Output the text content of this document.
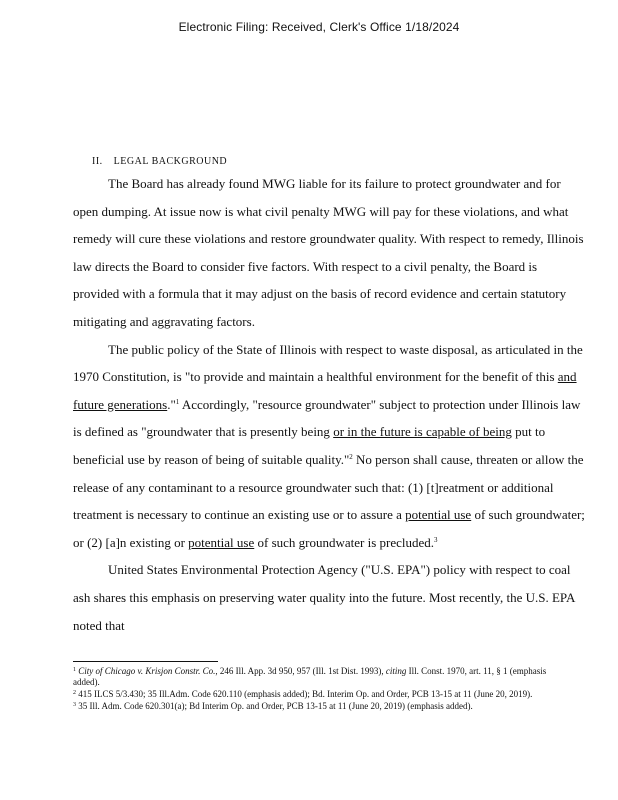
Electronic Filing: Received, Clerk's Office 1/18/2024
II. LEGAL BACKGROUND

The Board has already found MWG liable for its failure to protect groundwater and for open dumping. At issue now is what civil penalty MWG will pay for these violations, and what remedy will cure these violations and restore groundwater quality. With respect to remedy, Illinois law directs the Board to consider five factors. With respect to a civil penalty, the Board is provided with a formula that it may adjust on the basis of record evidence and certain statutory mitigating and aggravating factors.

The public policy of the State of Illinois with respect to waste disposal, as articulated in the 1970 Constitution, is "to provide and maintain a healthful environment for the benefit of this and future generations."$^1$ Accordingly, "resource groundwater" subject to protection under Illinois law is defined as "groundwater that is presently being or in the future is capable of being put to beneficial use by reason of being of suitable quality."$^2$ No person shall cause, threaten or allow the release of any contaminant to a resource groundwater such that: (1) [t]reatment or additional treatment is necessary to continue an existing use or to assure a potential use of such groundwater; or (2) [a]n existing or potential use of such groundwater is precluded.$^3$

United States Environmental Protection Agency ("U.S. EPA") policy with respect to coal ash shares this emphasis on preserving water quality into the future. Most recently, the U.S. EPA noted that

$^1$ City of Chicago v. Krisjon Constr. Co., 246 Ill. App. 3d 950, 957 (Ill. 1st Dist. 1993), citing Ill. Const. 1970, art. 11, § 1 (emphasis added).

$^2$ 415 ILCS 5/3.430; 35 Ill.Adm. Code 620.110 (emphasis added); Bd. Interim Op. and Order, PCB 13-15 at 11 (June 20, 2019).

$^3$ 35 Ill. Adm. Code 620.301(a); Bd Interim Op. and Order, PCB 13-15 at 11 (June 20, 2019) (emphasis added).
